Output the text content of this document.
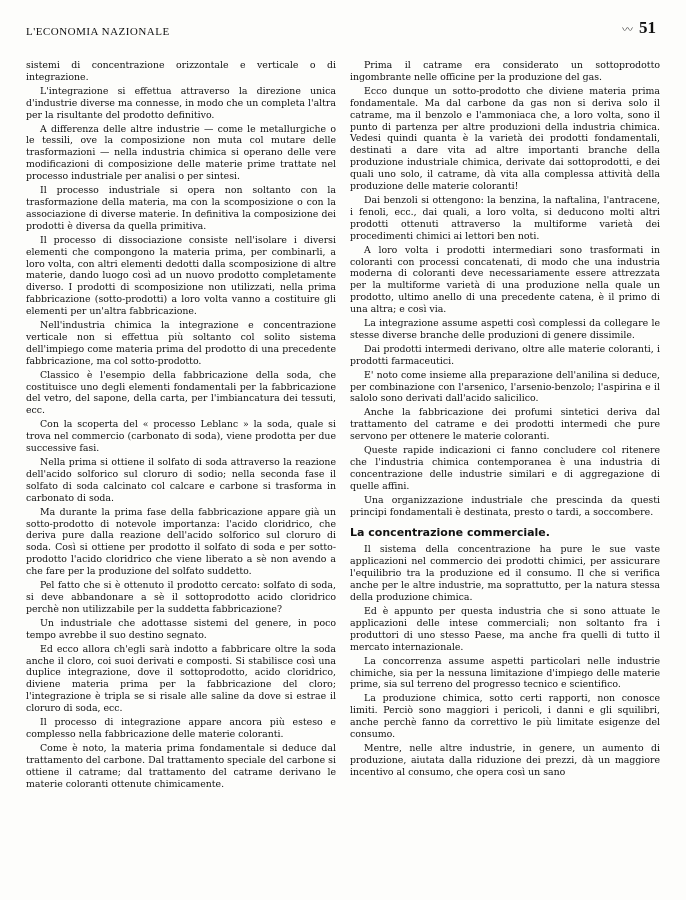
L'ECONOMIA NAZIONALE	〰 51

sistemi di concentrazione orizzontale e verticale o di integrazione.

L'integrazione si effettua attraverso la direzione unica d'industrie diverse ma connesse, in modo che un completa l'altra per la risultante del prodotto definitivo.

A differenza delle altre industrie — come le metallurgiche o le tessili, ove la composizione non muta col mutare delle trasformazioni — nella industria chimica si operano delle vere modificazioni di composizione delle materie prime trattate nel processo industriale per analisi o per sintesi.

Il processo industriale si opera non soltanto con la trasformazione della materia, ma con la scomposizione o con la associazione di diverse materie. In definitiva la composizione dei prodotti è diversa da quella primitiva.

Il processo di dissociazione consiste nell'isolare i diversi elementi che compongono la materia prima, per combinarli, a loro volta, con altri elementi dedotti dalla scomposizione di altre materie, dando luogo così ad un nuovo prodotto completamente diverso. I prodotti di scomposizione non utilizzati, nella prima fabbricazione (sotto-prodotti) a loro volta vanno a costituire gli elementi per un'altra fabbricazione.

Nell'industria chimica la integrazione e concentrazione verticale non si effettua più soltanto col solito sistema dell'impiego come materia prima del prodotto di una precedente fabbricazione, ma col sotto-prodotto.

Classico è l'esempio della fabbricazione della soda, che costituisce uno degli elementi fondamentali per la fabbricazione del vetro, del sapone, della carta, per l'imbiancatura dei tessuti, ecc.

Con la scoperta del « processo Leblanc » la soda, quale si trova nel commercio (carbonato di soda), viene prodotta per due successive fasi.

Nella prima si ottiene il solfato di soda attraverso la reazione dell'acido solforico sul cloruro di sodio; nella seconda fase il solfato di soda calcinato col calcare e carbone si trasforma in carbonato di soda.

Ma durante la prima fase della fabbricazione appare già un sotto-prodotto di notevole importanza: l'acido cloridrico, che deriva pure dalla reazione dell'acido solforico sul cloruro di soda. Così si ottiene per prodotto il solfato di soda e per sotto-prodotto l'acido cloridrico che viene liberato a sè non avendo a che fare per la produzione del solfato suddetto.

Pel fatto che si è ottenuto il prodotto cercato: solfato di soda, si deve abbandonare a sè il sottoprodotto acido cloridrico perchè non utilizzabile per la suddetta fabbricazione?

Un industriale che adottasse sistemi del genere, in poco tempo avrebbe il suo destino segnato.

Ed ecco allora ch'egli sarà indotto a fabbricare oltre la soda anche il cloro, coi suoi derivati e composti. Si stabilisce così una duplice integrazione, dove il sottoprodotto, acido cloridrico, diviene materia prima per la fabbricazione del cloro; l'integrazione è tripla se si risale alle saline da dove si estrae il cloruro di soda, ecc.

Il processo di integrazione appare ancora più esteso e complesso nella fabbricazione delle materie coloranti.

Come è noto, la materia prima fondamentale si deduce dal trattamento del carbone. Dal trattamento speciale del carbone si ottiene il catrame; dal trattamento del catrame derivano le materie coloranti ottenute chimicamente.

Prima il catrame era considerato un sottoprodotto ingombrante nelle officine per la produzione del gas.

Ecco dunque un sotto-prodotto che diviene materia prima fondamentale. Ma dal carbone da gas non si deriva solo il catrame, ma il benzolo e l'ammoniaca che, a loro volta, sono il punto di partenza per altre produzioni della industria chimica. Vedesi quindi quanta è la varietà dei prodotti fondamentali, destinati a dare vita ad altre importanti branche della produzione industriale chimica, derivate dai sottoprodotti, e dei quali uno solo, il catrame, dà vita alla complessa attività della produzione delle materie coloranti!

Dai benzoli si ottengono: la benzina, la naftalina, l'antracene, i fenoli, ecc., dai quali, a loro volta, si deducono molti altri prodotti ottenuti attraverso la multiforme varietà dei procedimenti chimici ai lettori ben noti.

A loro volta i prodotti intermediari sono trasformati in coloranti con processi concatenati, di modo che una industria moderna di coloranti deve necessariamente essere attrezzata per la multiforme varietà di una produzione nella quale un prodotto, ultimo anello di una precedente catena, è il primo di una altra; e così via.

La integrazione assume aspetti così complessi da collegare le stesse diverse branche delle produzioni di genere dissimile.

Dai prodotti intermedi derivano, oltre alle materie coloranti, i prodotti farmaceutici.

E' noto come insieme alla preparazione dell'anilina si deduce, per combinazione con l'arsenico, l'arsenio-benzolo; l'aspirina e il salolo sono derivati dall'acido salicilico.

Anche la fabbricazione dei profumi sintetici deriva dal trattamento del catrame e dei prodotti intermedi che pure servono per ottenere le materie coloranti.

Queste rapide indicazioni ci fanno concludere col ritenere che l'industria chimica contemporanea è una industria di concentrazione delle industrie similari e di aggregazione di quelle affini.

Una organizzazione industriale che prescinda da questi principi fondamentali è destinata, presto o tardi, a soccombere.

La concentrazione commerciale.

Il sistema della concentrazione ha pure le sue vaste applicazioni nel commercio dei prodotti chimici, per assicurare l'equilibrio tra la produzione ed il consumo. Il che si verifica anche per le altre industrie, ma soprattutto, per la natura stessa della produzione chimica.

Ed è appunto per questa industria che si sono attuate le applicazioni delle intese commerciali; non soltanto fra i produttori di uno stesso Paese, ma anche fra quelli di tutto il mercato internazionale.

La concorrenza assume aspetti particolari nelle industrie chimiche, sia per la nessuna limitazione d'impiego delle materie prime, sia sul terreno del progresso tecnico e scientifico.

La produzione chimica, sotto certi rapporti, non conosce limiti. Perciò sono maggiori i pericoli, i danni e gli squilibri, anche perchè fanno da correttivo le più limitate esigenze del consumo.

Mentre, nelle altre industrie, in genere, un aumento di produzione, aiutata dalla riduzione dei prezzi, dà un maggiore incentivo al consumo, che opera così un sano
